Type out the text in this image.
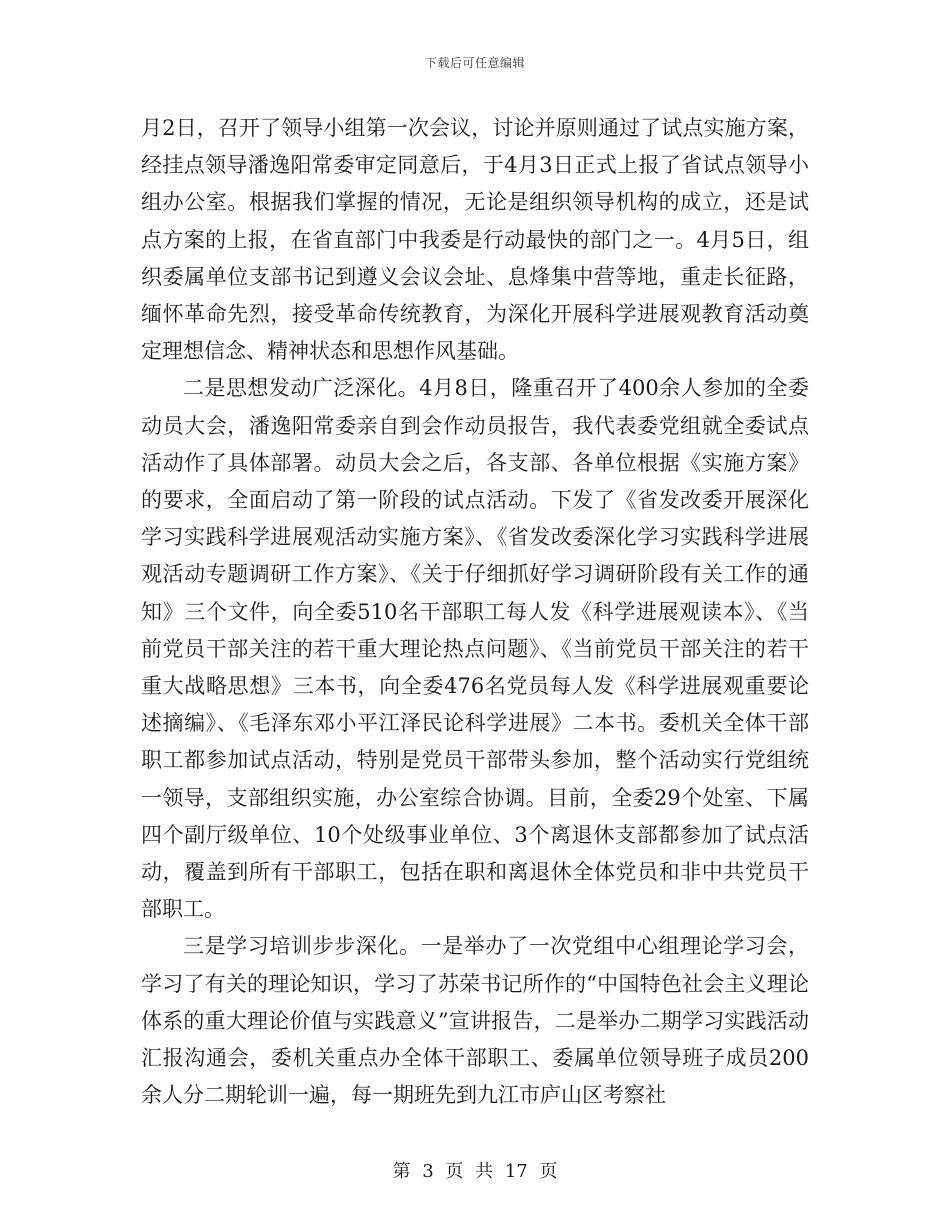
下载后可任意编辑

月2日，召开了领导小组第一次会议，讨论并原则通过了试点实施方案，经挂点领导潘逸阳常委审定同意后，于4月3日正式上报了省试点领导小组办公室。根据我们掌握的情况，无论是组织领导机构的成立，还是试点方案的上报，在省直部门中我委是行动最快的部门之一。4月5日，组织委属单位支部书记到遵义会议会址、息烽集中营等地，重走长征路，缅怀革命先烈，接受革命传统教育，为深化开展科学进展观教育活动奠定理想信念、精神状态和思想作风基础。

二是思想发动广泛深化。4月8日，隆重召开了400余人参加的全委动员大会，潘逸阳常委亲自到会作动员报告，我代表委党组就全委试点活动作了具体部署。动员大会之后，各支部、各单位根据《实施方案》的要求，全面启动了第一阶段的试点活动。下发了《省发改委开展深化学习实践科学进展观活动实施方案》、《省发改委深化学习实践科学进展观活动专题调研工作方案》、《关于仔细抓好学习调研阶段有关工作的通知》三个文件，向全委510名干部职工每人发《科学进展观读本》、《当前党员干部关注的若干重大理论热点问题》、《当前党员干部关注的若干重大战略思想》三本书，向全委476名党员每人发《科学进展观重要论述摘编》、《毛泽东邓小平江泽民论科学进展》二本书。委机关全体干部职工都参加试点活动，特别是党员干部带头参加，整个活动实行党组统一领导，支部组织实施，办公室综合协调。目前，全委29个处室、下属四个副厅级单位、10个处级事业单位、3个离退休支部都参加了试点活动，覆盖到所有干部职工，包括在职和离退休全体党员和非中共党员干部职工。

三是学习培训步步深化。一是举办了一次党组中心组理论学习会，学习了有关的理论知识，学习了苏荣书记所作的“中国特色社会主义理论体系的重大理论价值与实践意义”宣讲报告，二是举办二期学习实践活动汇报沟通会，委机关重点办全体干部职工、委属单位领导班子成员200余人分二期轮训一遍，每一期班先到九江市庐山区考察社

第 3 页 共 17 页
